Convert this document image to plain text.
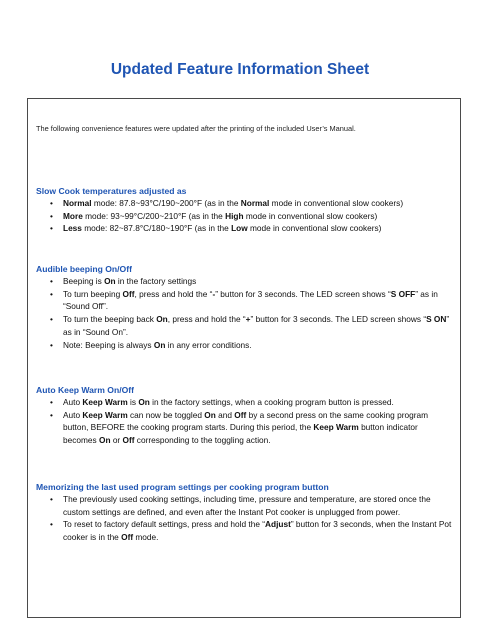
Updated Feature Information Sheet

The following convenience features were updated after the printing of the included User’s Manual.

Slow Cook temperatures adjusted as
• Normal mode: 87.8~93°C/190~200°F (as in the Normal mode in conventional slow cookers)
• More mode: 93~99°C/200~210°F (as in the High mode in conventional slow cookers)
• Less mode: 82~87.8°C/180~190°F (as in the Low mode in conventional slow cookers)
Audible beeping On/Off
• Beeping is On in the factory settings
• To turn beeping Off, press and hold the “-” button for 3 seconds. The LED screen shows “S OFF” as in “Sound Off”.
• To turn the beeping back On, press and hold the “+” button for 3 seconds. The LED screen shows “S ON” as in “Sound On”.
• Note: Beeping is always On in any error conditions.
Auto Keep Warm On/Off
• Auto Keep Warm is On in the factory settings, when a cooking program button is pressed.
• Auto Keep Warm can now be toggled On and Off by a second press on the same cooking program button, BEFORE the cooking program starts. During this period, the Keep Warm button indicator becomes On or Off corresponding to the toggling action.
Memorizing the last used program settings per cooking program button
• The previously used cooking settings, including time, pressure and temperature, are stored once the custom settings are defined, and even after the Instant Pot cooker is unplugged from power.
• To reset to factory default settings, press and hold the “Adjust” button for 3 seconds, when the Instant Pot cooker is in the Off mode.
